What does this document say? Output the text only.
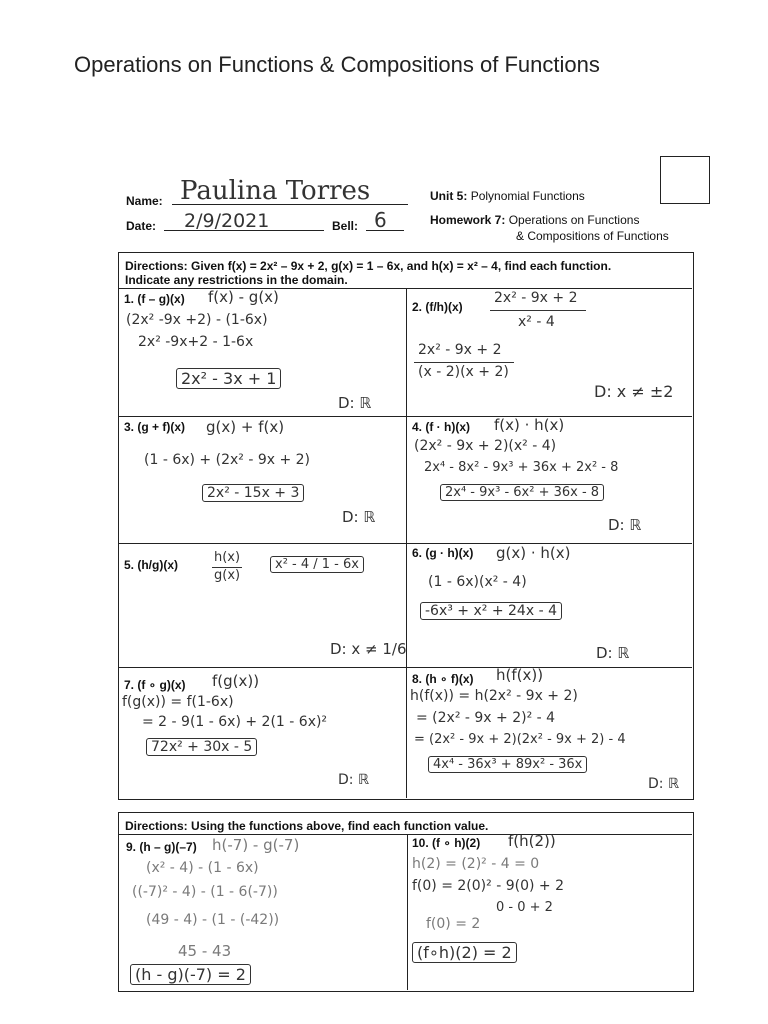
Operations on Functions & Compositions of Functions
Name: Paulina Torres
Date: 2/9/2021	Bell: 6
Unit 5: Polynomial Functions
Homework 7: Operations on Functions
& Compositions of Functions
Directions: Given f(x) = 2x² – 9x + 2, g(x) = 1 – 6x, and h(x) = x² – 4, find each function.
Indicate any restrictions in the domain.
1. (f – g)(x) f(x) - g(x)
(2x² -9x +2) - (1-6x)
2x² -9x+2 - 1-6x
2x² - 3x + 1
D: ℝ
2. (f/h)(x)
2x² - 9x + 2
x² - 4
2x² - 9x + 2
(x - 2)(x + 2)
D: x ≠ ±2
3. (g + f)(x) g(x) + f(x)
(1 - 6x) + (2x² - 9x + 2)
2x² - 15x + 3
D: ℝ
4. (f · h)(x) f(x) · h(x)
(2x² - 9x + 2)(x² - 4)
2x⁴ - 8x² - 9x³ + 36x + 2x² - 8
2x⁴ - 9x³ - 6x² + 36x - 8
D: ℝ
5. (h/g)(x)	h(x)
g(x)
x² - 4 / 1 - 6x
D: x ≠ 1/6
6. (g · h)(x) g(x) · h(x)
(1 - 6x)(x² - 4)
-6x³ + x² + 24x - 4
D: ℝ
7. (f ∘ g)(x) f(g(x))
f(g(x)) = f(1-6x)
= 2 - 9(1 - 6x) + 2(1 - 6x)²
72x² + 30x - 5
D: ℝ
8. (h ∘ f)(x) h(f(x))
h(f(x)) = h(2x² - 9x + 2)
= (2x² - 9x + 2)² - 4
= (2x² - 9x + 2)(2x² - 9x + 2) - 4
4x⁴ - 36x³ + 89x² - 36x
D: ℝ
Directions: Using the functions above, find each function value.
9. (h – g)(–7) h(-7) - g(-7)
(x² - 4) - (1 - 6x)
((-7)² - 4) - (1 - 6(-7))
(49 - 4) - (1 - (-42))
45 - 43
(h - g)(-7) = 2
10. (f ∘ h)(2) f(h(2))
h(2) = (2)² - 4 = 0
f(0) = 2(0)² - 9(0) + 2
0 - 0 + 2
f(0) = 2
(f∘h)(2) = 2
